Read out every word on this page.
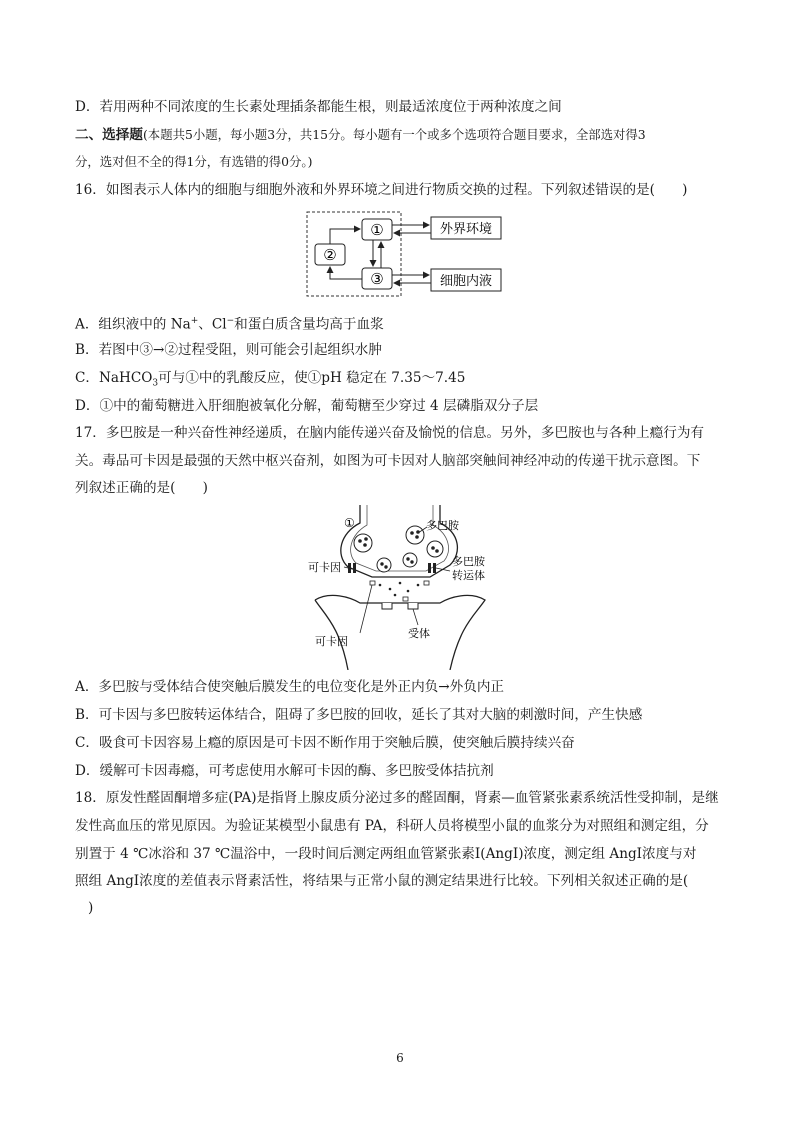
D．若用两种不同浓度的生长素处理插条都能生根，则最适浓度位于两种浓度之间
二、选择题(本题共5小题，每小题3分，共15分。每小题有一个或多个选项符合题目要求，全部选对得3
分，选对但不全的得1分，有选错的得0分。)
16．如图表示人体内的细胞与细胞外液和外界环境之间进行物质交换的过程。下列叙述错误的是(　　)
①
②
③
外界环境
细胞内液
A．组织液中的 Na+、Cl−和蛋白质含量均高于血浆
B．若图中③→②过程受阻，则可能会引起组织水肿
C．NaHCO$_3$可与①中的乳酸反应，使①pH 稳定在 7.35～7.45
D．①中的葡萄糖进入肝细胞被氧化分解，葡萄糖至少穿过 4 层磷脂双分子层
17．多巴胺是一种兴奋性神经递质，在脑内能传递兴奋及愉悦的信息。另外，多巴胺也与各种上瘾行为有
关。毒品可卡因是最强的天然中枢兴奋剂，如图为可卡因对人脑部突触间神经冲动的传递干扰示意图。下
列叙述正确的是(　　)
①	多巴胺
可卡因	多巴胺
转运体
受体
可卡因
A．多巴胺与受体结合使突触后膜发生的电位变化是外正内负→外负内正
B．可卡因与多巴胺转运体结合，阻碍了多巴胺的回收，延长了其对大脑的刺激时间，产生快感
C．吸食可卡因容易上瘾的原因是可卡因不断作用于突触后膜，使突触后膜持续兴奋
D．缓解可卡因毒瘾，可考虑使用水解可卡因的酶、多巴胺受体拮抗剂
18．原发性醛固酮增多症(PA)是指肾上腺皮质分泌过多的醛固酮，肾素—血管紧张素系统活性受抑制，是继
发性高血压的常见原因。为验证某模型小鼠患有 PA，科研人员将模型小鼠的血浆分为对照组和测定组，分
别置于 4 ℃冰浴和 37 ℃温浴中，一段时间后测定两组血管紧张素Ⅰ(AngⅠ)浓度，测定组 AngⅠ浓度与对
照组 AngⅠ浓度的差值表示肾素活性，将结果与正常小鼠的测定结果进行比较。下列相关叙述正确的是(
)
6
